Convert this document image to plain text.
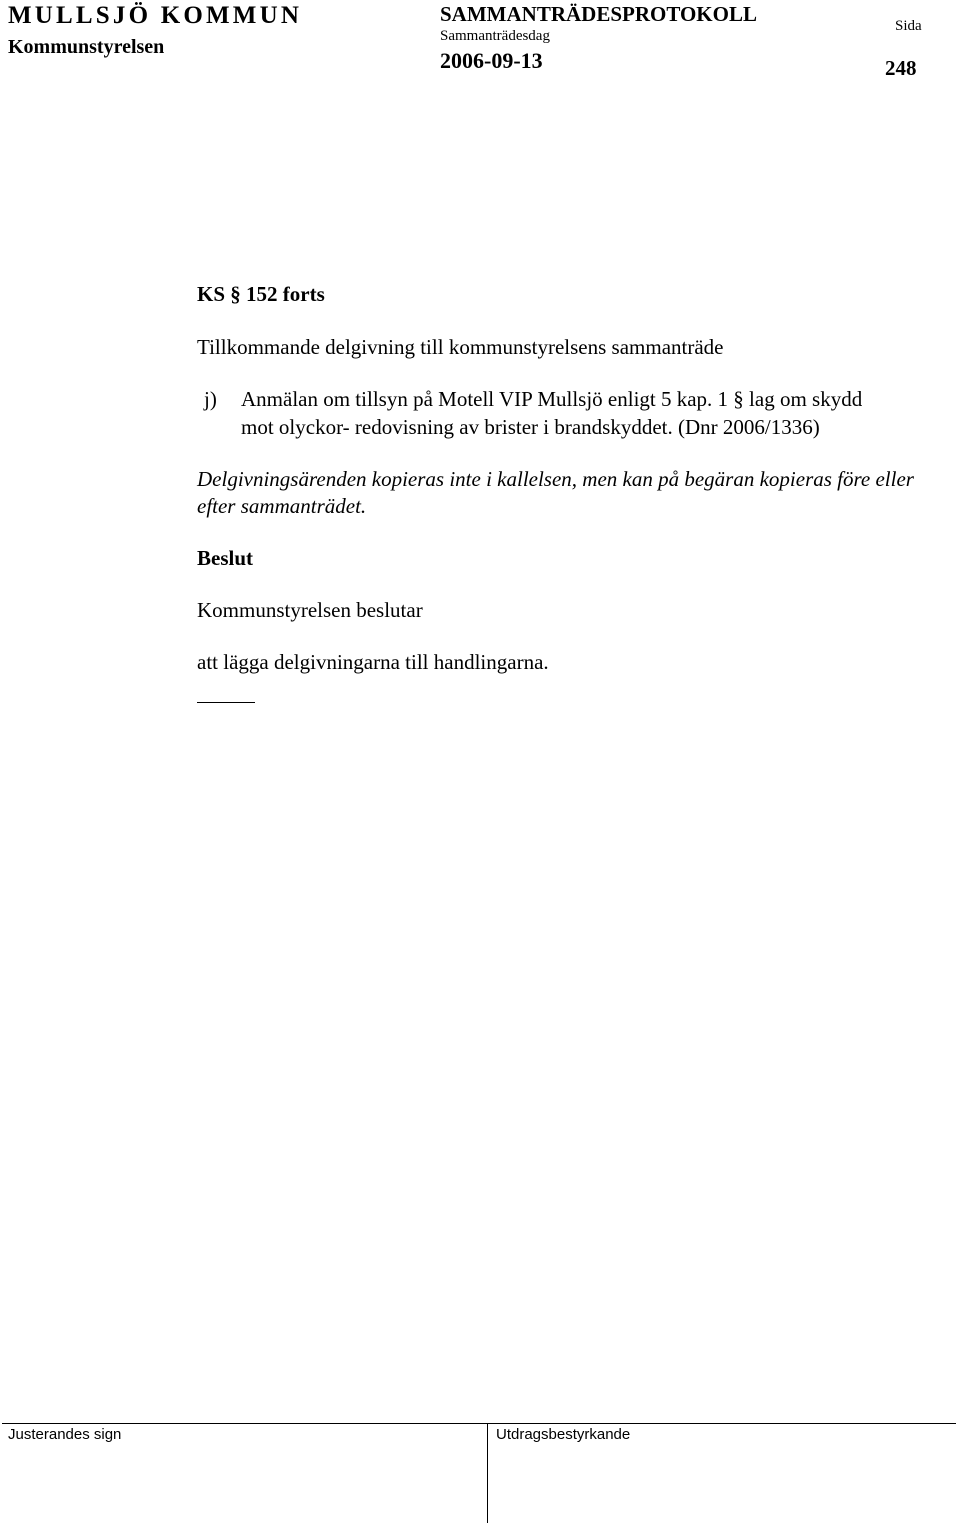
MULLSJÖ KOMMUN
Kommunstyrelsen
SAMMANTRÄDESPROTOKOLL
Sammanträdesdag
2006-09-13
Sida
248
KS § 152 forts
Tillkommande delgivning till kommunstyrelsens sammanträde
j) Anmälan om tillsyn på Motell VIP Mullsjö enligt 5 kap. 1 § lag om skydd
mot olyckor- redovisning av brister i brandskyddet. (Dnr 2006/1336)
Delgivningsärenden kopieras inte i kallelsen, men kan på begäran kopieras före eller efter sammanträdet.
Beslut
Kommunstyrelsen beslutar
att lägga delgivningarna till handlingarna.
Justerandes sign	Utdragsbestyrkande
